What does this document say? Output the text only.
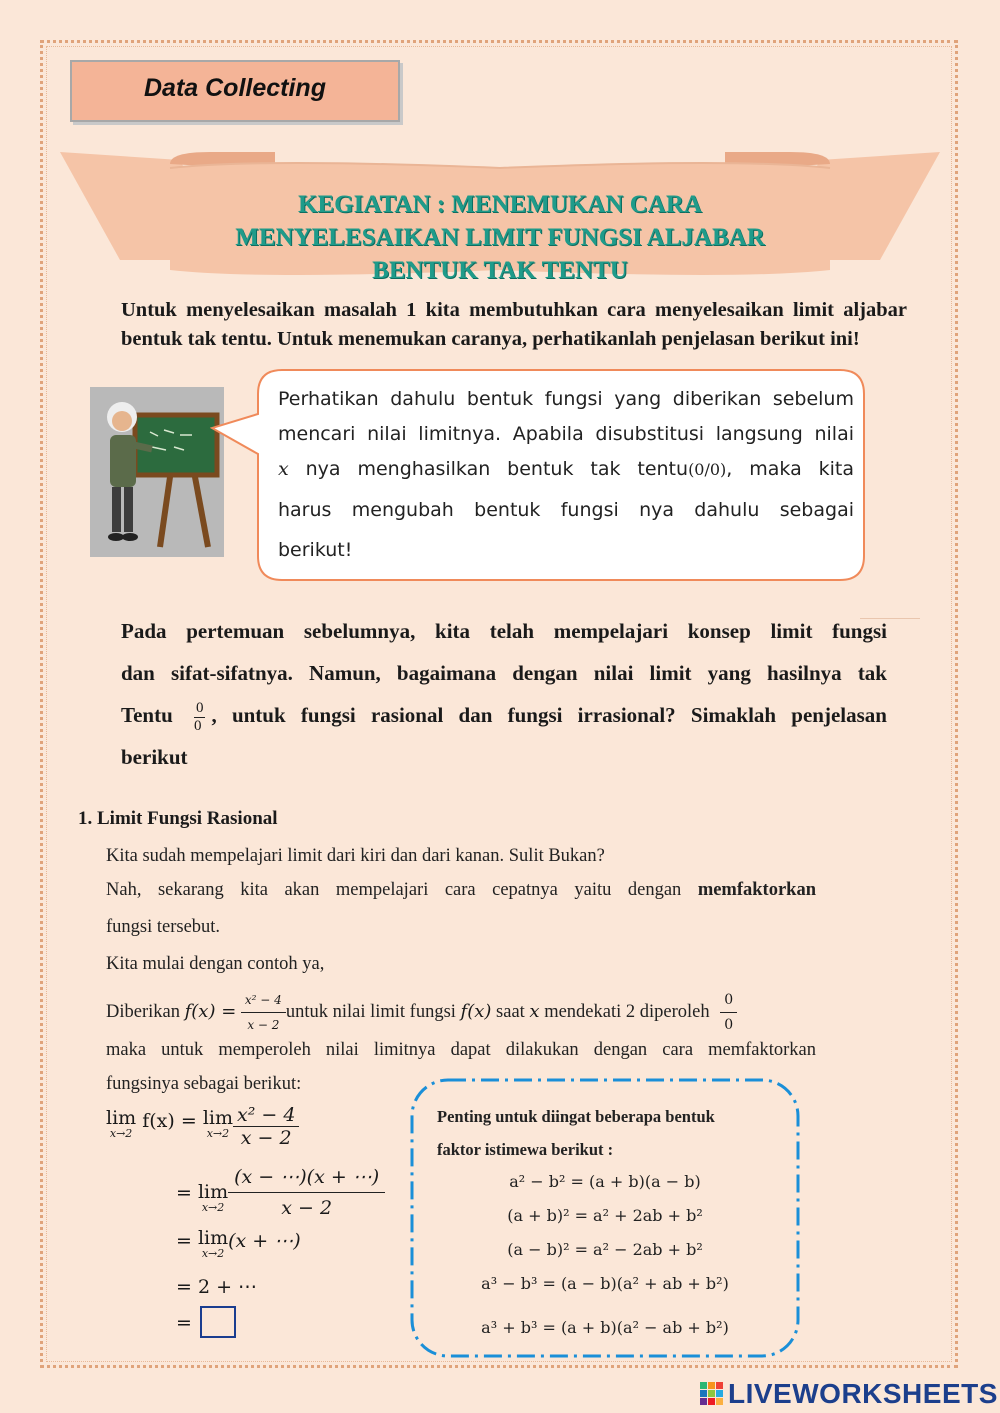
Data Collecting
KEGIATAN : MENEMUKAN CARA
MENYELESAIKAN LIMIT FUNGSI ALJABAR
BENTUK TAK TENTU
Untuk menyelesaikan masalah 1 kita membutuhkan cara menyelesaikan limit aljabar bentuk tak tentu. Untuk menemukan caranya, perhatikanlah penjelasan berikut ini!
Perhatikan dahulu bentuk fungsi yang diberikan sebelum
mencari nilai limitnya. Apabila disubstitusi langsung nilai
x nya menghasilkan bentuk tak tentu(0/0), maka kita
harus mengubah bentuk fungsi nya dahulu sebagai
berikut!
Pada pertemuan sebelumnya, kita telah mempelajari konsep limit fungsi
dan sifat-sifatnya. Namun, bagaimana dengan nilai limit yang hasilnya tak
Tentu $\frac{0}{0}$ , untuk fungsi rasional dan fungsi irrasional? Simaklah penjelasan
berikut
1. Limit Fungsi Rasional
Kita sudah mempelajari limit dari kiri dan dari kanan. Sulit Bukan?
Nah, sekarang kita akan mempelajari cara cepatnya yaitu dengan memfaktorkan
fungsi tersebut.
Kita mulai dengan contoh ya,
Diberikan $f(x) = \frac{\text{x² − 4}}{x - 2}$ untuk nilai limit fungsi f(x) saat x mendekati 2 diperoleh $\frac{0}{0}$
maka untuk memperoleh nilai limitnya dapat dilakukan dengan cara memfaktorkan
fungsinya sebagai berikut:
lim
x→2
f(x) = lim
$x\to 2 \frac{\text{x² − 4}}{x - 2}$
= lim
$x\to 2 \frac{(x - \cdots)(x + \cdots)}{x - 2}$
= lim
x→2
(x + ⋯)
= 2 + ⋯
=
Penting untuk diingat beberapa bentuk
faktor istimewa berikut :
a² − b² = (a + b)(a − b)
(a + b)² = a² + 2ab + b²
(a − b)² = a² − 2ab + b²
a³ − b³ = (a − b)(a² + ab + b²)
a³ + b³ = (a + b)(a² − ab + b²)
LIVEWORKSHEETS
